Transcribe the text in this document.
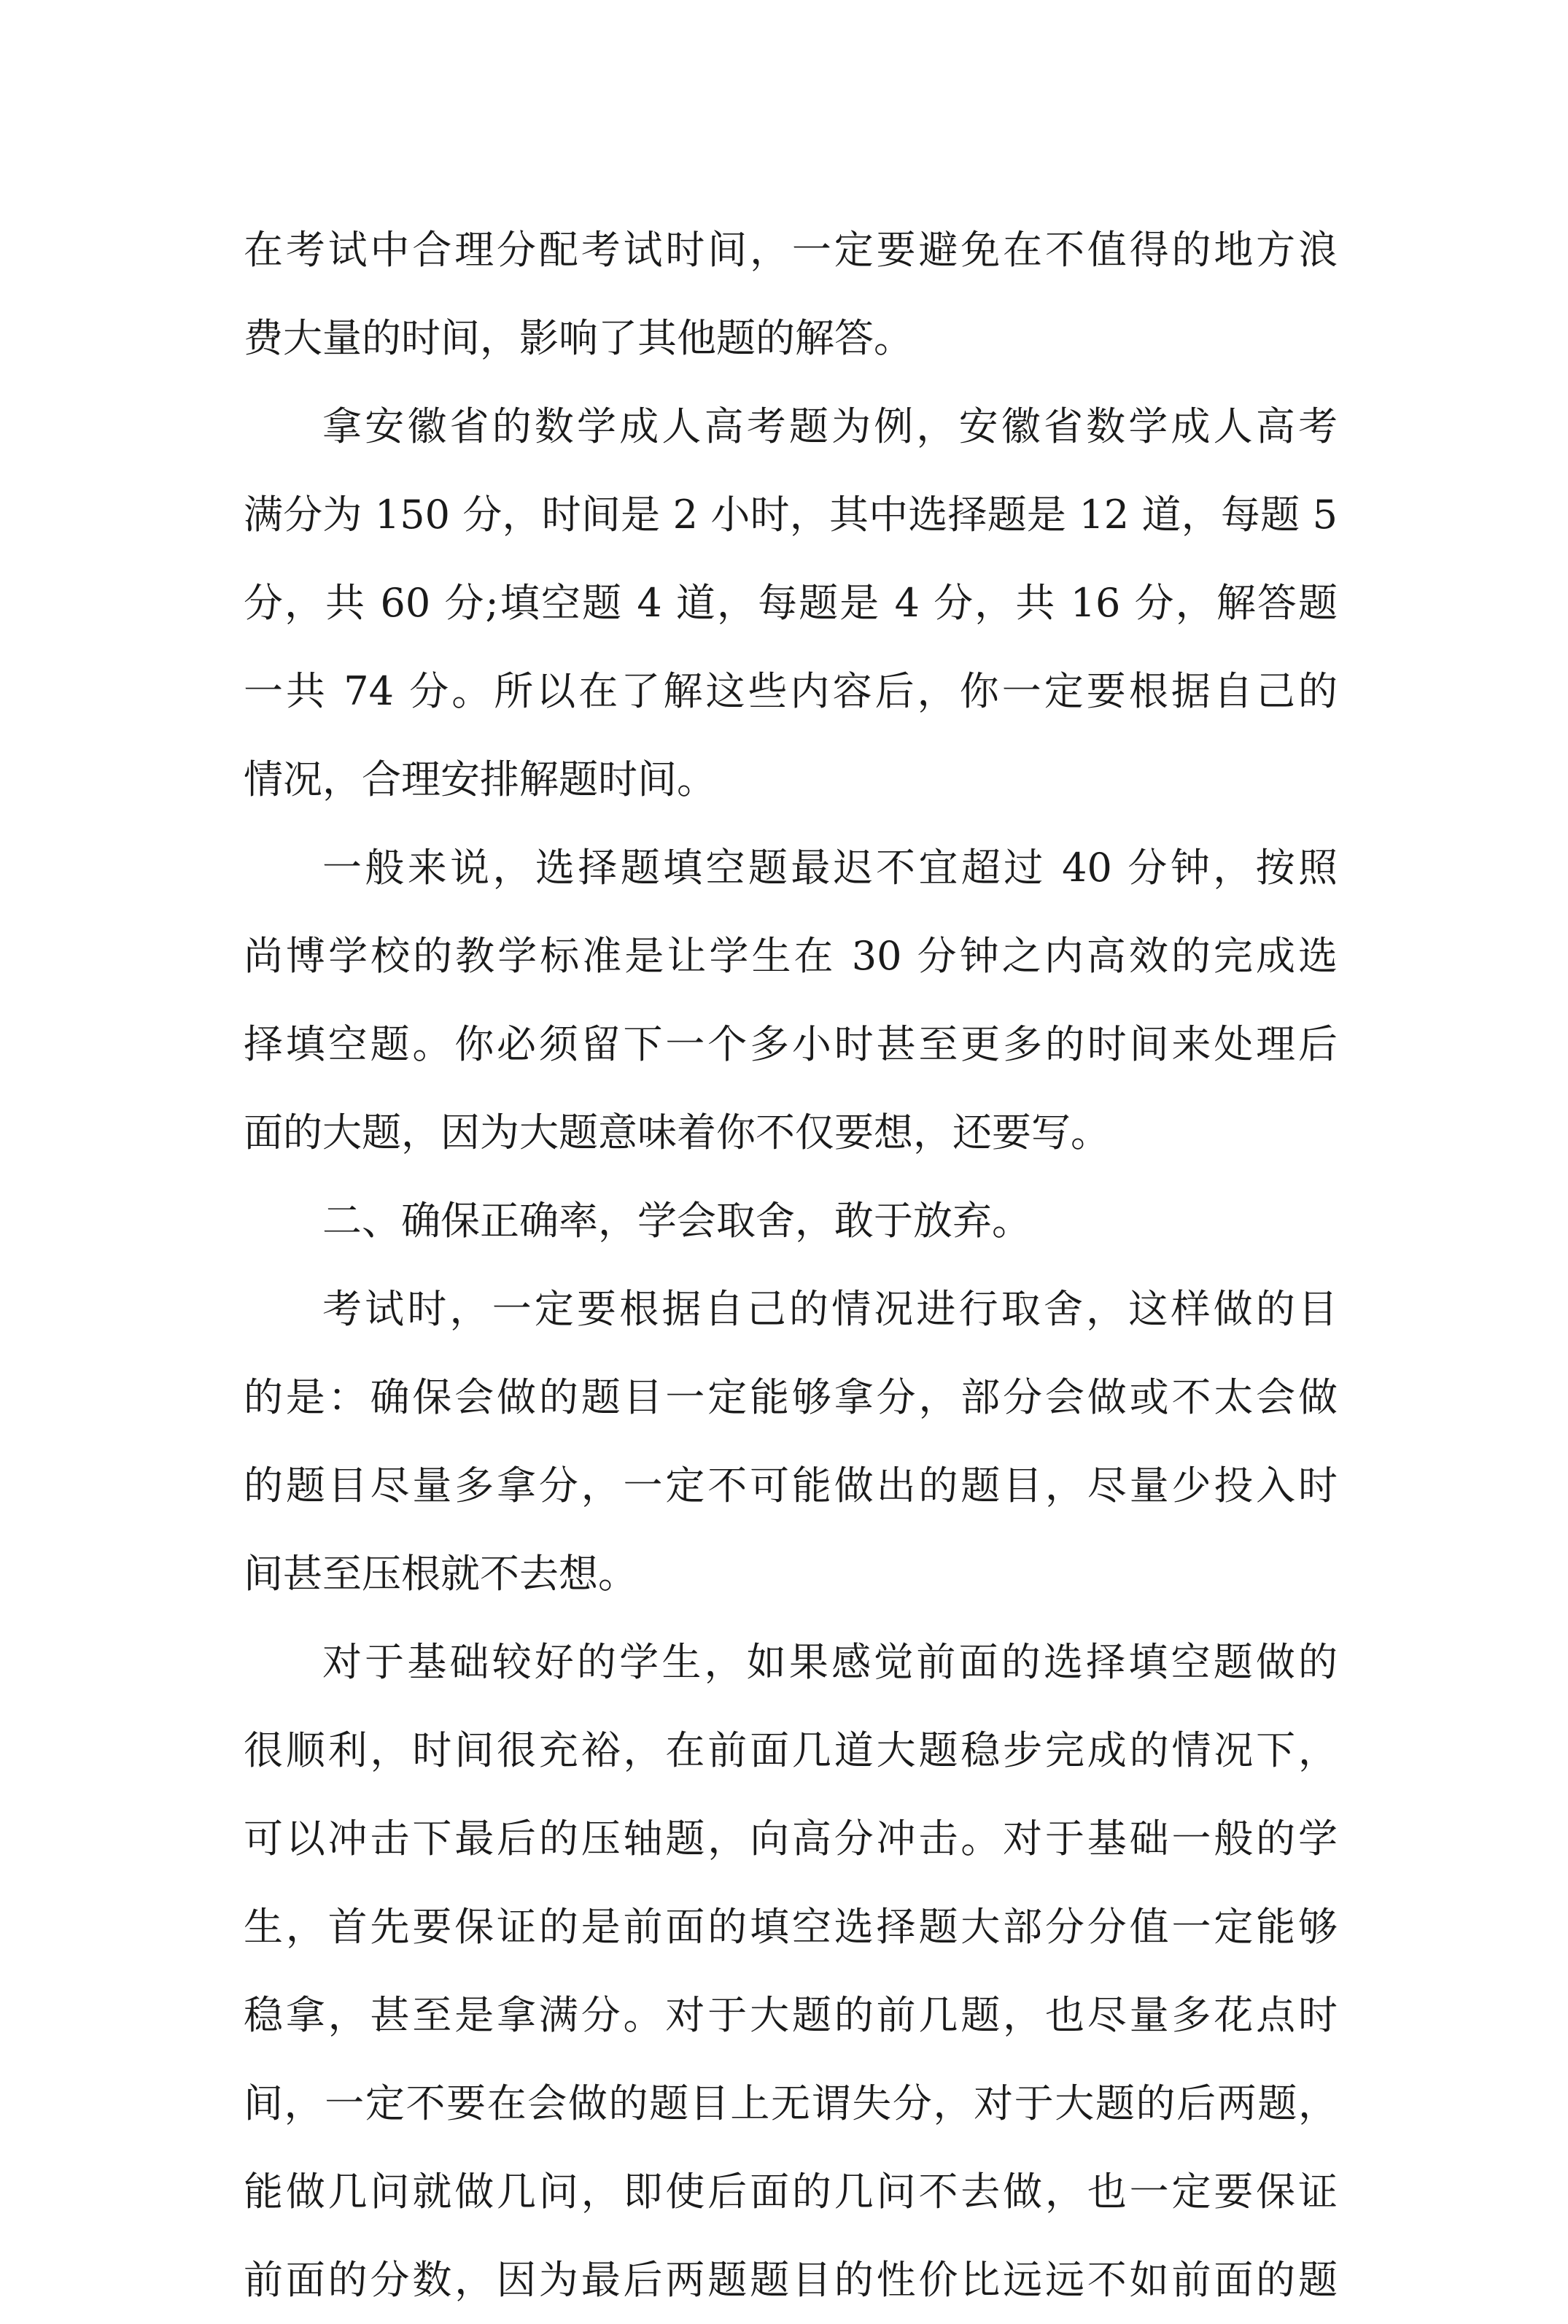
在考试中合理分配考试时间，一定要避免在不值得的地方浪
费大量的时间，影响了其他题的解答。
拿安徽省的数学成人高考题为例，安徽省数学成人高考
满分为 150 分，时间是 2 小时，其中选择题是 12 道，每题 5
分，共 60 分;填空题 4 道，每题是 4 分，共 16 分，解答题
一共 74 分。所以在了解这些内容后，你一定要根据自己的
情况，合理安排解题时间。
一般来说，选择题填空题最迟不宜超过 40 分钟，按照
尚博学校的教学标准是让学生在 30 分钟之内高效的完成选
择填空题。你必须留下一个多小时甚至更多的时间来处理后
面的大题，因为大题意味着你不仅要想，还要写。
二、确保正确率，学会取舍，敢于放弃。
考试时，一定要根据自己的情况进行取舍，这样做的目
的是：确保会做的题目一定能够拿分，部分会做或不太会做
的题目尽量多拿分，一定不可能做出的题目，尽量少投入时
间甚至压根就不去想。
对于基础较好的学生，如果感觉前面的选择填空题做的
很顺利，时间很充裕，在前面几道大题稳步完成的情况下，
可以冲击下最后的压轴题，向高分冲击。对于基础一般的学
生，首先要保证的是前面的填空选择题大部分分值一定能够
稳拿，甚至是拿满分。对于大题的前几题，也尽量多花点时
间，一定不要在会做的题目上无谓失分，对于大题的后两题，
能做几问就做几问，即使后面的几问不去做，也一定要保证
前面的分数，因为最后两题题目的性价比远远不如前面的题
